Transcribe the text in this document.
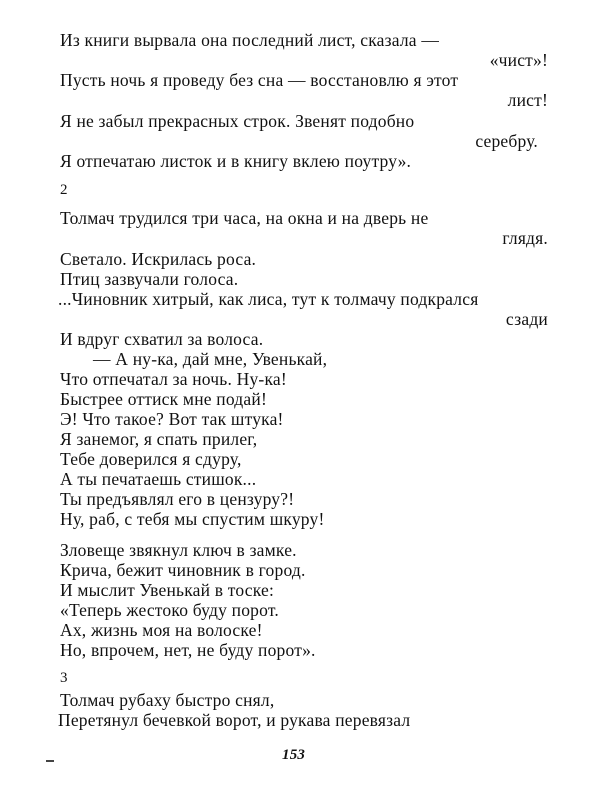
Из книги вырвала она последний лист, сказала —
«чист»!
Пусть ночь я проведу без сна — восстановлю я этот
лист!
Я не забыл прекрасных строк. Звенят подобно
серебру.
Я отпечатаю листок и в книгу вклею поутру».
2
Толмач трудился три часа, на окна и на дверь не
глядя.
Светало. Искрилась роса.
Птиц зазвучали голоса.
...Чиновник хитрый, как лиса, тут к толмачу подкрался
сзади
И вдруг схватил за волоса.
— А ну-ка, дай мне, Увенькай,
Что отпечатал за ночь. Ну-ка!
Быстрее оттиск мне подай!
Э! Что такое? Вот так штука!
Я занемог, я спать прилег,
Тебе доверился я сдуру,
А ты печатаешь стишок...
Ты предъявлял его в цензуру?!
Ну, раб, с тебя мы спустим шкуру!
Зловеще звякнул ключ в замке.
Крича, бежит чиновник в город.
И мыслит Увенькай в тоске:
«Теперь жестоко буду порот.
Ах, жизнь моя на волоске!
Но, впрочем, нет, не буду порот».
3
Толмач рубаху быстро снял,
Перетянул бечевкой ворот, и рукава перевязал
153
